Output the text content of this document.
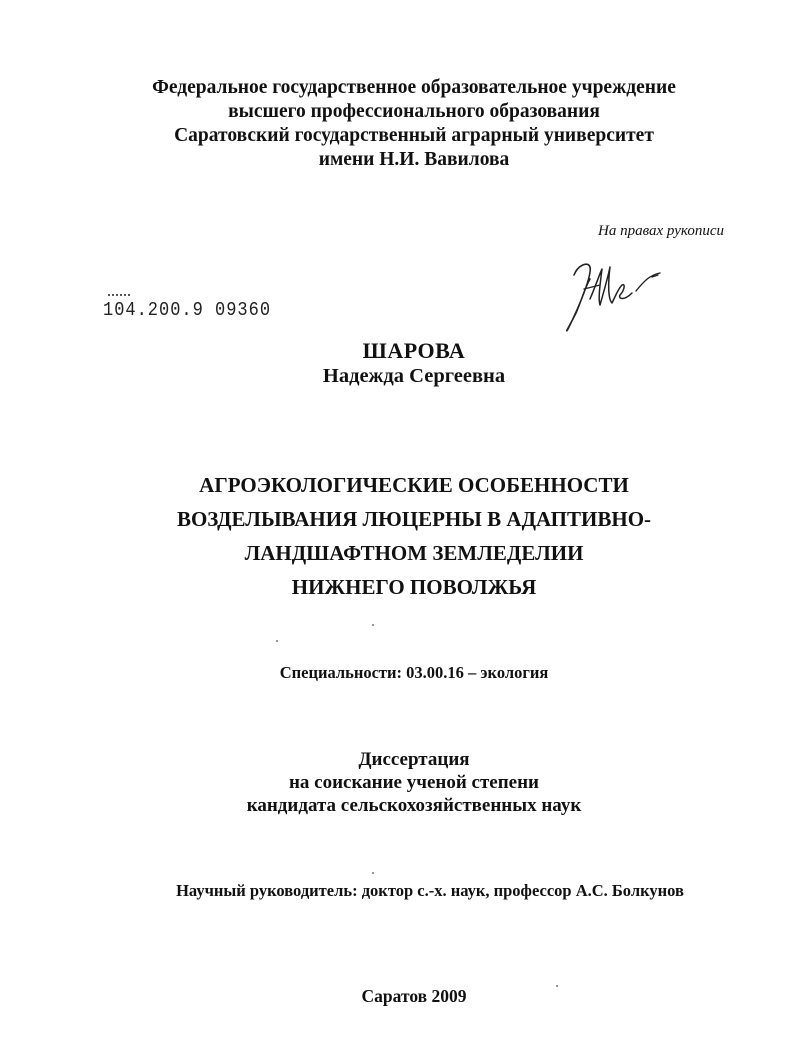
Федеральное государственное образовательное учреждение
высшего профессионального образования
Саратовский государственный аграрный университет
имени Н.И. Вавилова
На правах рукописи
104.200.9 09360
ШАРОВА
Надежда Сергеевна
АГРОЭКОЛОГИЧЕСКИЕ ОСОБЕННОСТИ
ВОЗДЕЛЫВАНИЯ ЛЮЦЕРНЫ В АДАПТИВНО-
ЛАНДШАФТНОМ ЗЕМЛЕДЕЛИИ
НИЖНЕГО ПОВОЛЖЬЯ
Специальности: 03.00.16 – экология
Диссертация
на соискание ученой степени
кандидата сельскохозяйственных наук
Научный руководитель: доктор с.-х. наук, профессор А.С. Болкунов
Саратов 2009
